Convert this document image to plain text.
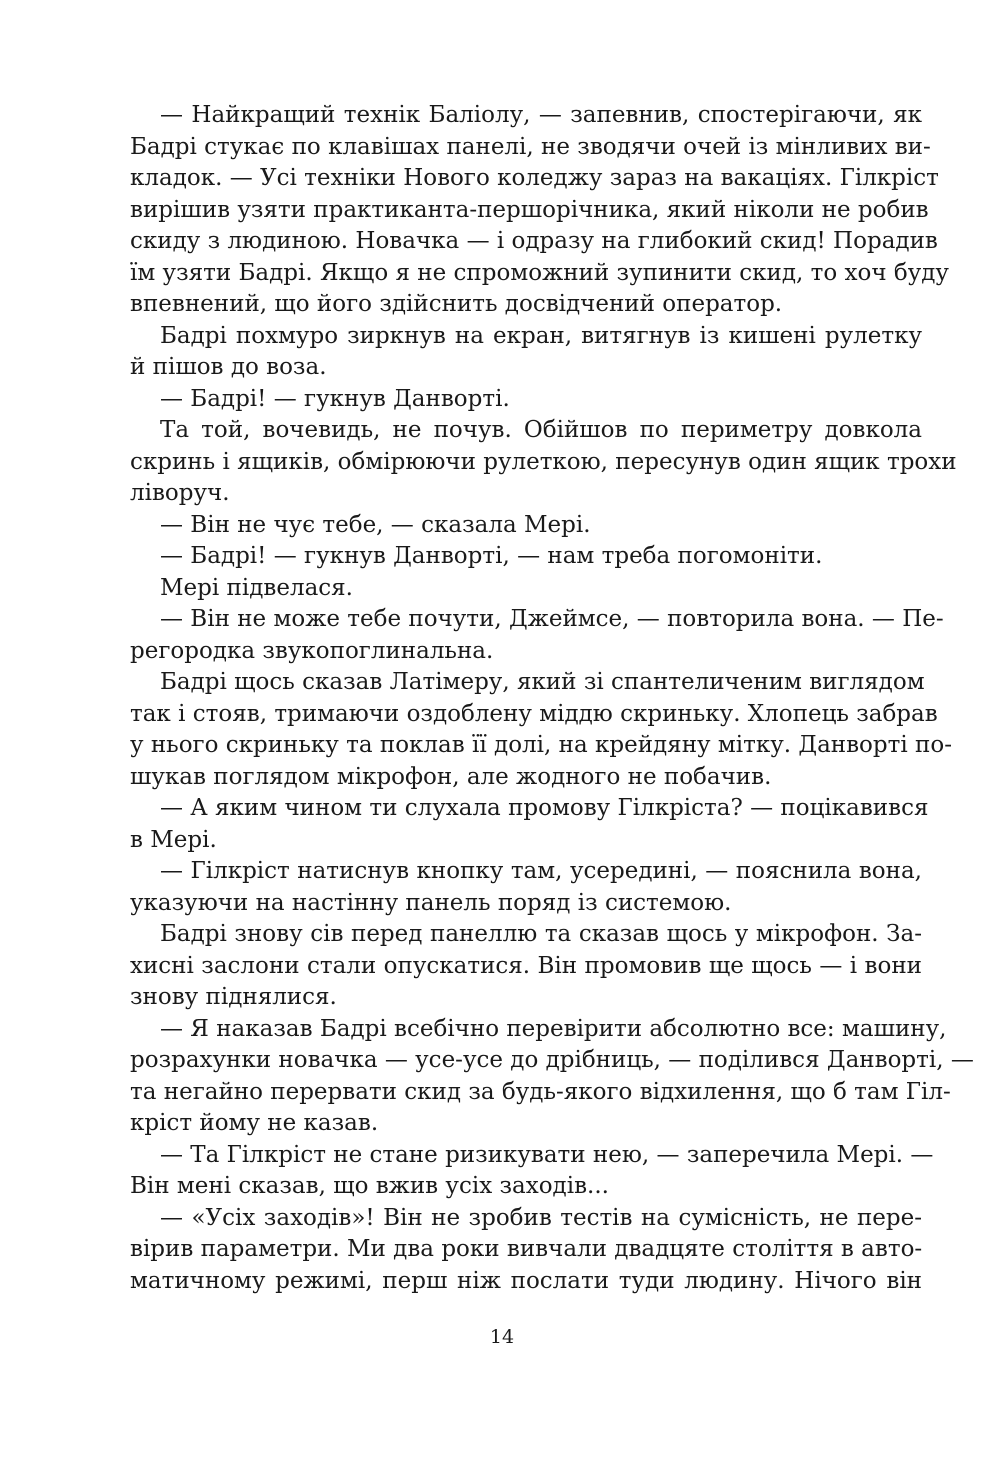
— Найкращий технік Баліолу, — запевнив, спостерігаючи, як
Бадрі стукає по клавішах панелі, не зводячи очей із мінливих ви-
кладок. — Усі техніки Нового коледжу зараз на вакаціях. Гілкріст
вирішив узяти практиканта-першорічника, який ніколи не робив
скиду з людиною. Новачка — і одразу на глибокий скид! Порадив
їм узяти Бадрі. Якщо я не спроможний зупинити скид, то хоч буду
впевнений, що його здійснить досвідчений оператор.
Бадрі похмуро зиркнув на екран, витягнув із кишені рулетку
й пішов до воза.
— Бадрі! — гукнув Данворті.
Та той, вочевидь, не почув. Обійшов по периметру довкола
скринь і ящиків, обмірюючи рулеткою, пересунув один ящик трохи
ліворуч.
— Він не чує тебе, — сказала Мері.
— Бадрі! — гукнув Данворті, — нам треба погомоніти.
Мері підвелася.
— Він не може тебе почути, Джеймсе, — повторила вона. — Пе-
регородка звукопоглинальна.
Бадрі щось сказав Латімеру, який зі спантеличеним виглядом
так і стояв, тримаючи оздоблену міддю скриньку. Хлопець забрав
у нього скриньку та поклав її долі, на крейдяну мітку. Данворті по-
шукав поглядом мікрофон, але жодного не побачив.
— А яким чином ти слухала промову Гілкріста? — поцікавився
в Мері.
— Гілкріст натиснув кнопку там, усередині, — пояснила вона,
указуючи на настінну панель поряд із системою.
Бадрі знову сів перед панеллю та сказав щось у мікрофон. За-
хисні заслони стали опускатися. Він промовив ще щось — і вони
знову піднялися.
— Я наказав Бадрі всебічно перевірити абсолютно все: машину,
розрахунки новачка — усе-усе до дрібниць, — поділився Данворті, —
та негайно перервати скид за будь-якого відхилення, що б там Гіл-
кріст йому не казав.
— Та Гілкріст не стане ризикувати нею, — заперечила Мері. —
Він мені сказав, що вжив усіх заходів...
— «Усіх заходів»! Він не зробив тестів на сумісність, не пере-
вірив параметри. Ми два роки вивчали двадцяте століття в авто-
матичному режимі, перш ніж послати туди людину. Нічого він
14
